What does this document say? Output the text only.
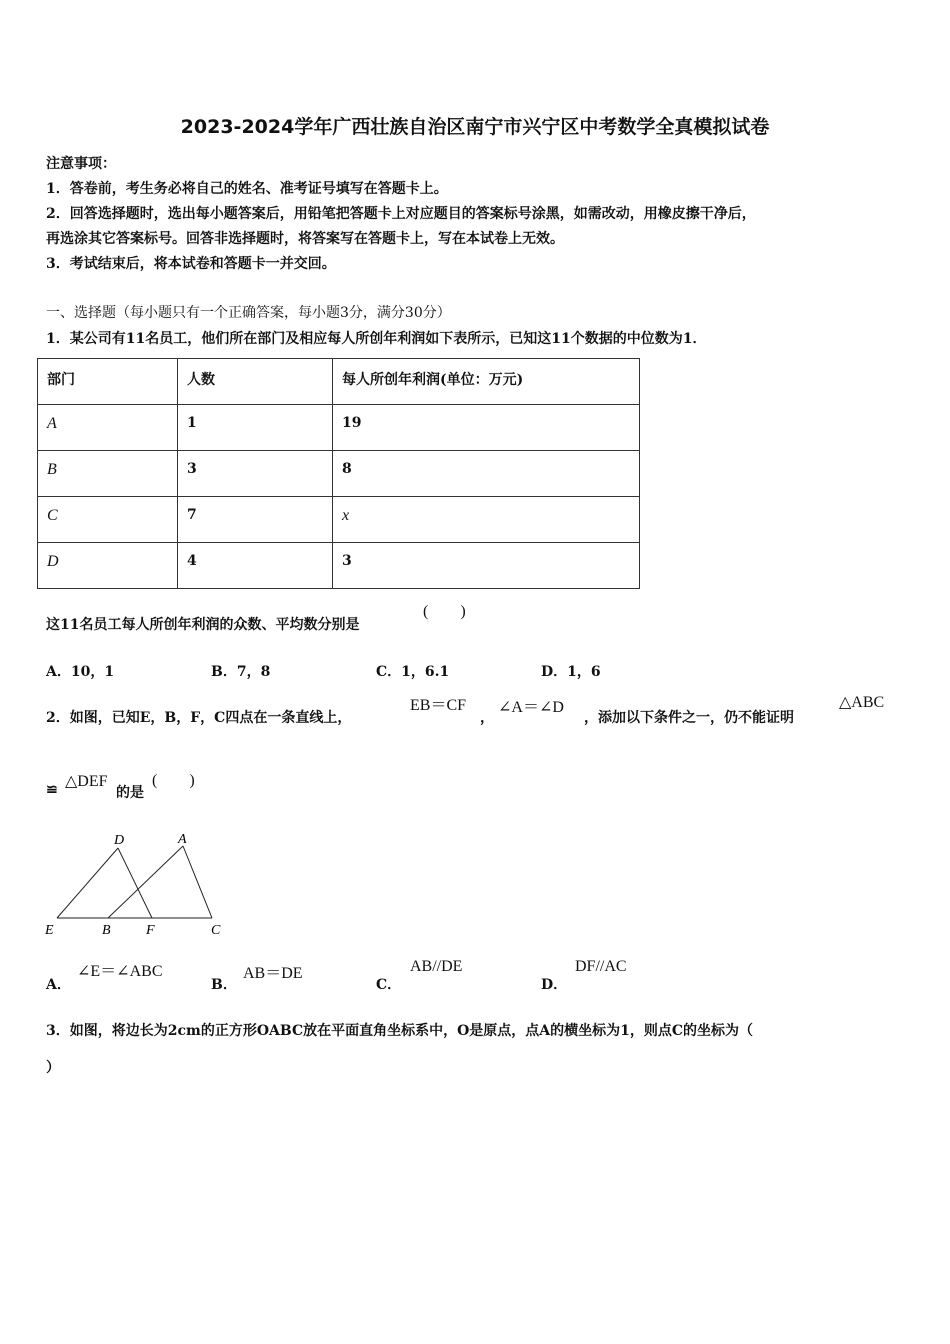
2023-2024学年广西壮族自治区南宁市兴宁区中考数学全真模拟试卷
注意事项：
1．答卷前，考生务必将自己的姓名、准考证号填写在答题卡上。
2．回答选择题时，选出每小题答案后，用铅笔把答题卡上对应题目的答案标号涂黑，如需改动，用橡皮擦干净后，
再选涂其它答案标号。回答非选择题时，将答案写在答题卡上，写在本试卷上无效。
3．考试结束后，将本试卷和答题卡一并交回。
一、选择题（每小题只有一个正确答案，每小题3分，满分30分）
1．某公司有11名员工，他们所在部门及相应每人所创年利润如下表所示，已知这11个数据的中位数为1．
部门	人数	每人所创年利润(单位：万元)
A	1	19
B	3	8
C	7	x
D	4	3
这11名员工每人所创年利润的众数、平均数分别是
(　　)
A．10，1	B．7，8	C．1，6.1	D．1，6
2．如图，已知E，B，F，C四点在一条直线上，
EB＝CF
，
∠A＝∠D
，添加以下条件之一，仍不能证明
△ABC
≌ △DEF
的是
(　　)
D	A
E	B	F	C
A．
∠E＝∠ABC
B．
AB＝DE
C．
AB//DE
D．
DF//AC
3．如图，将边长为2cm的正方形OABC放在平面直角坐标系中，O是原点，点A的横坐标为1，则点C的坐标为（
）
